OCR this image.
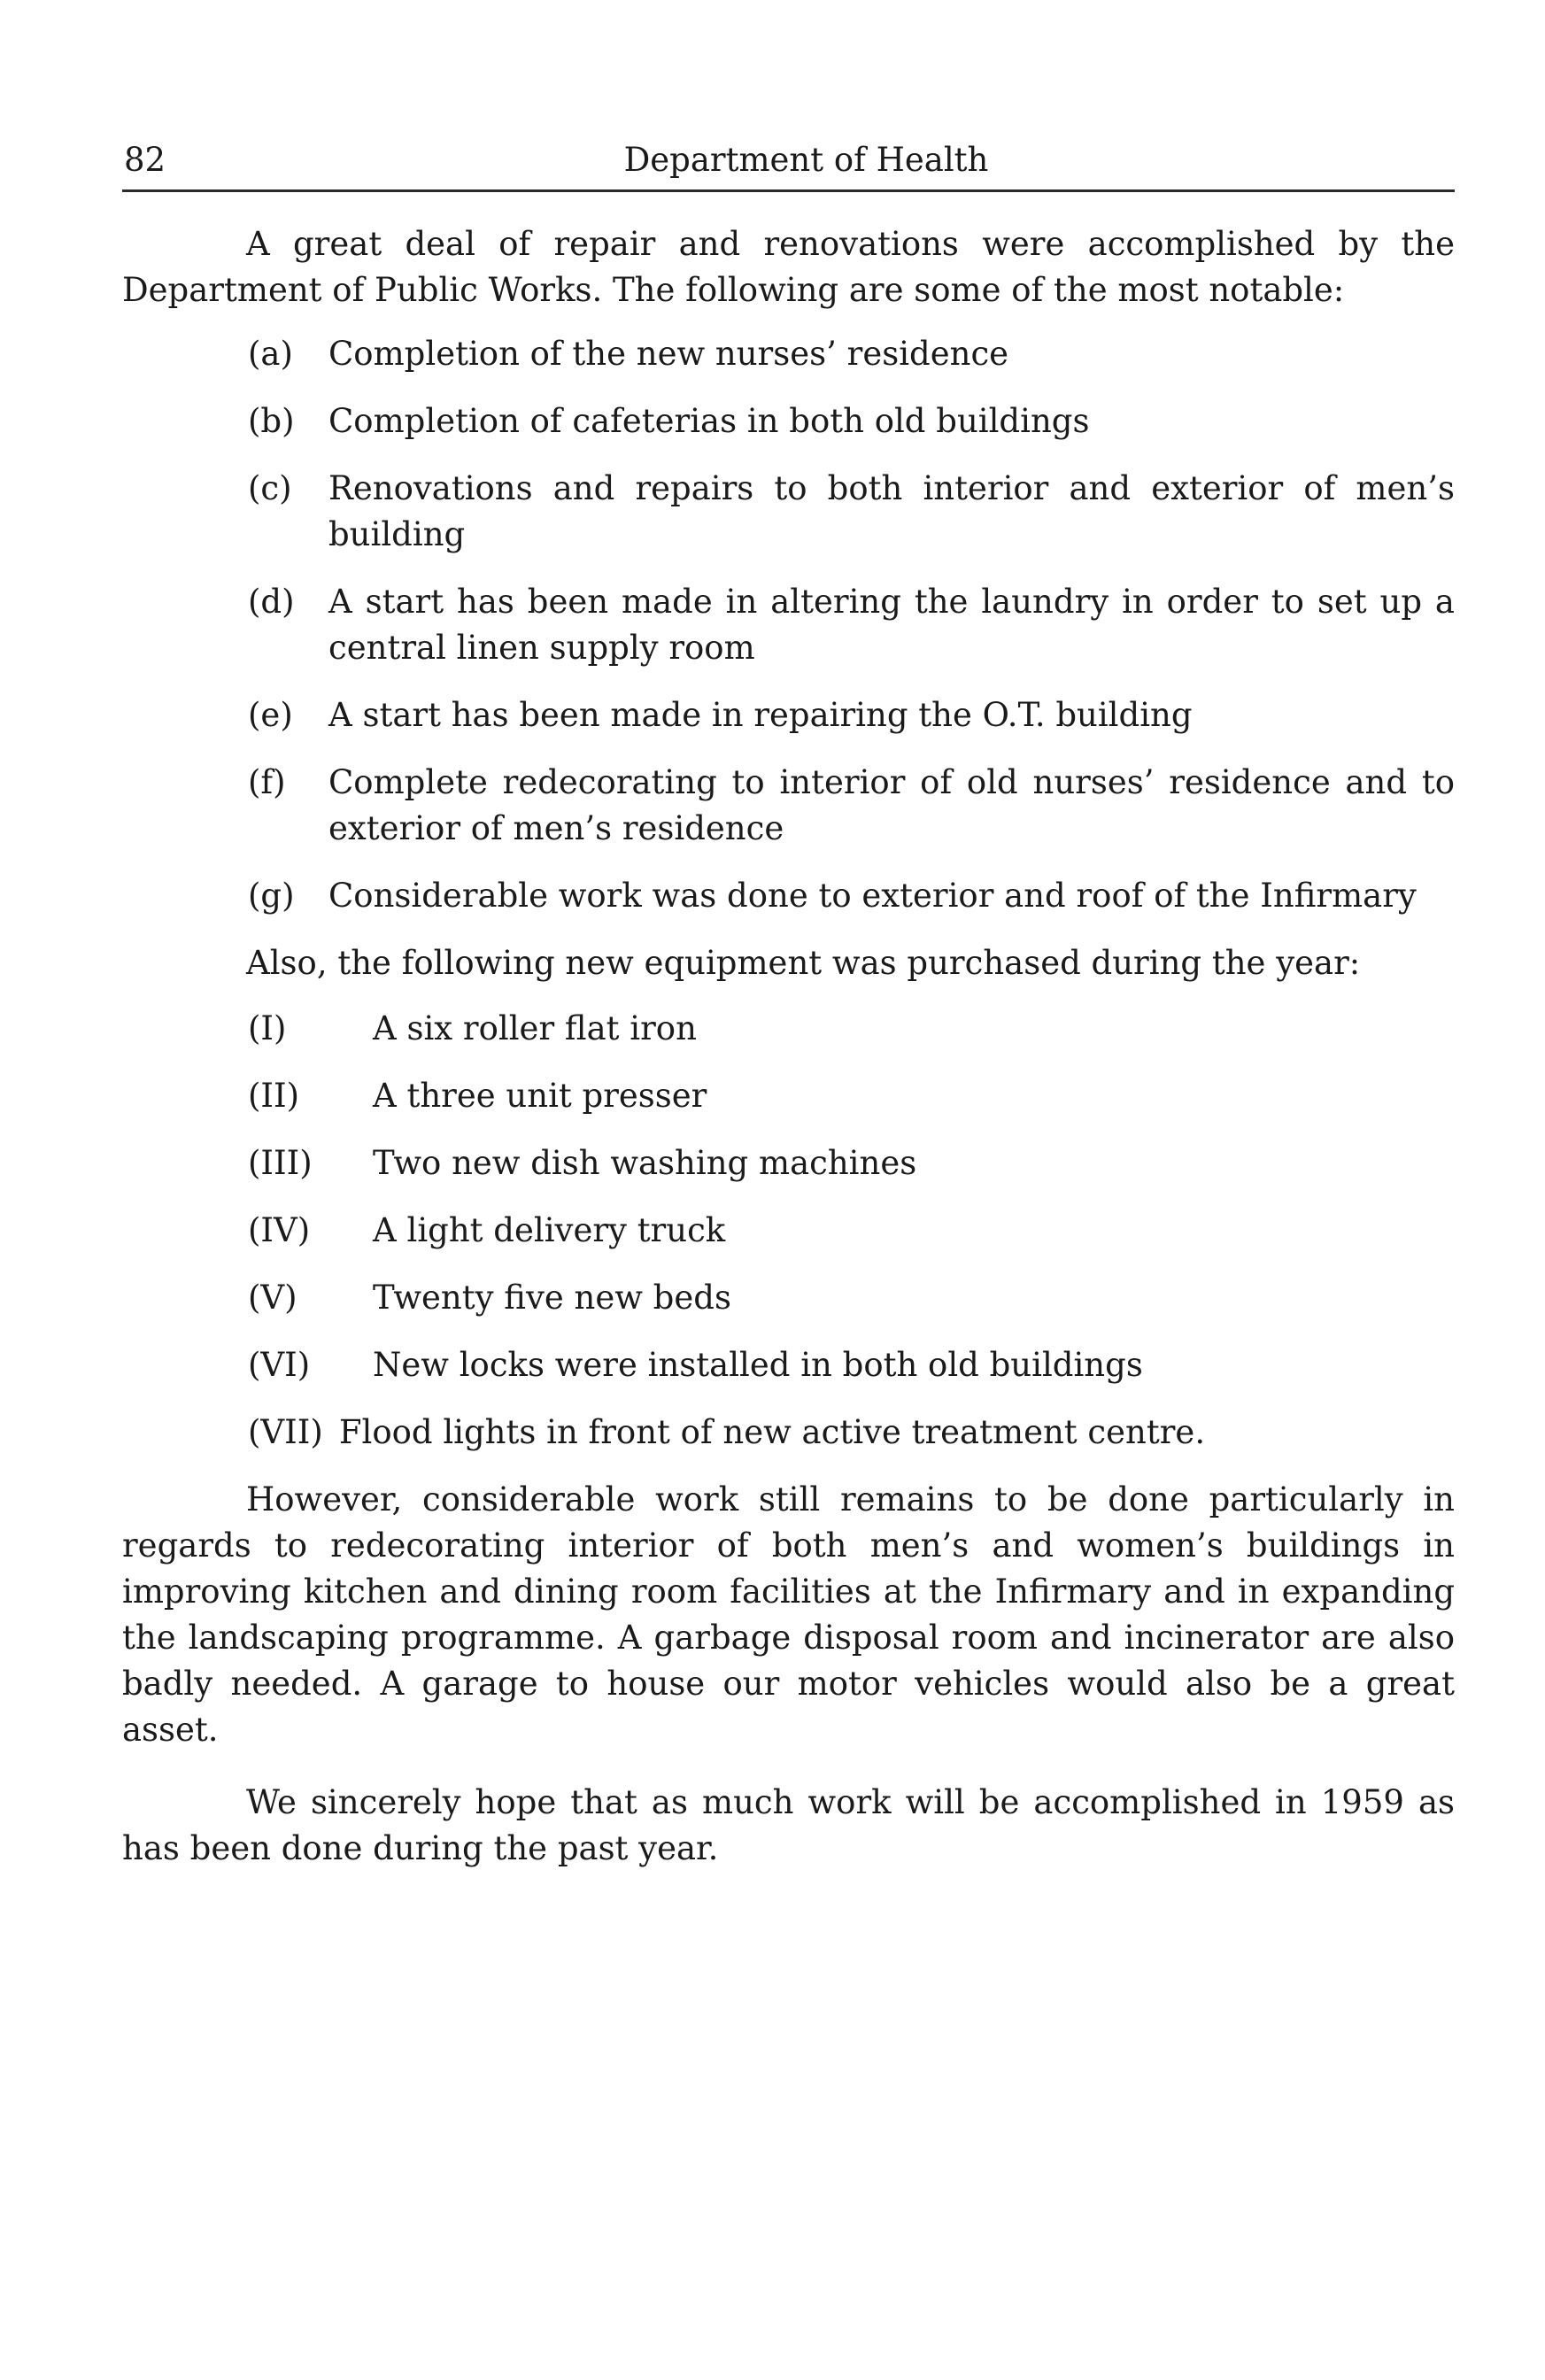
82	Department of Health

A great deal of repair and renovations were accomplished by the Department of Public Works. The following are some of the most notable:

(a) Completion of the new nurses’ residence
(b) Completion of cafeterias in both old buildings
(c) Renovations and repairs to both interior and exterior of men’s building
(d) A start has been made in altering the laundry in order to set up a central linen supply room
(e) A start has been made in repairing the O.T. building
(f) Complete redecorating to interior of old nurses’ residence and to exterior of men’s residence
(g) Considerable work was done to exterior and roof of the Infirmary

Also, the following new equipment was purchased during the year:

(I)	A six roller flat iron
(II) A three unit presser
(III) Two new dish washing machines
(IV) A light delivery truck
(V) Twenty five new beds
(VI) New locks were installed in both old buildings
(VII) Flood lights in front of new active treatment centre.

However, considerable work still remains to be done particularly in regards to redecorating interior of both men’s and women’s buildings in improving kitchen and dining room facilities at the Infirmary and in expanding the landscaping programme. A garbage disposal room and incinerator are also badly needed. A garage to house our motor vehicles would also be a great asset.

We sincerely hope that as much work will be accomplished in 1959 as has been done during the past year.
